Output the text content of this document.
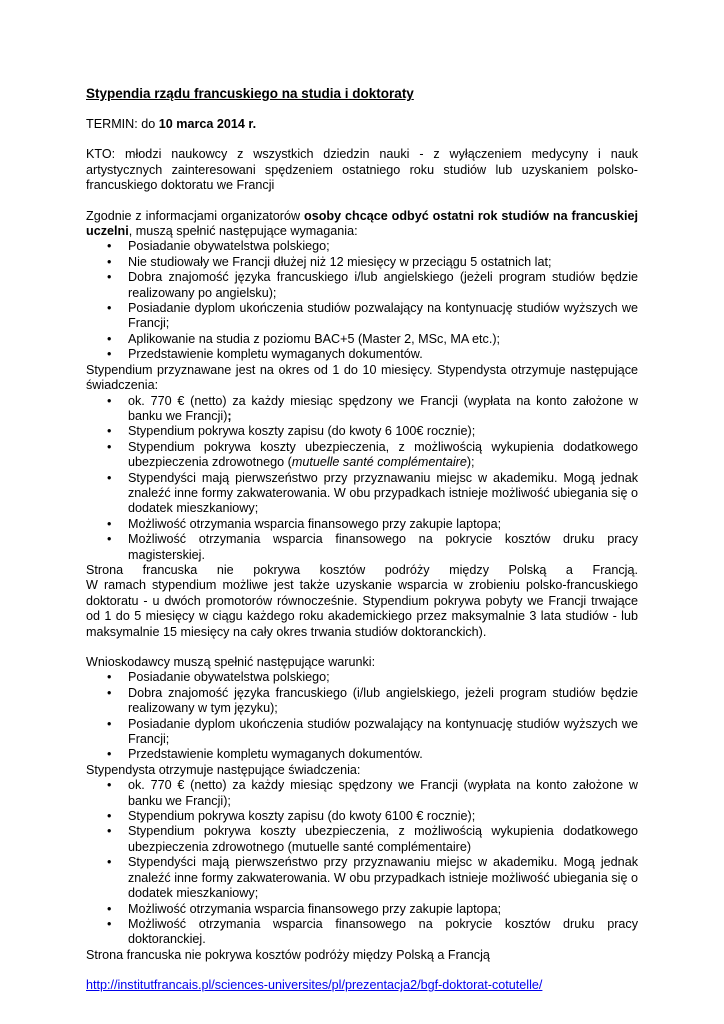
Stypendia rządu francuskiego na studia i doktoraty

TERMIN: do 10 marca 2014 r.

KTO: młodzi naukowcy z wszystkich dziedzin nauki - z wyłączeniem medycyny i nauk artystycznych zainteresowani spędzeniem ostatniego roku studiów lub uzyskaniem polsko-francuskiego doktoratu we Francji

Zgodnie z informacjami organizatorów osoby chcące odbyć ostatni rok studiów na francuskiej uczelni, muszą spełnić następujące wymagania:

• Posiadanie obywatelstwa polskiego;
• Nie studiowały we Francji dłużej niż 12 miesięcy w przeciągu 5 ostatnich lat;
• Dobra znajomość języka francuskiego i/lub angielskiego (jeżeli program studiów będzie realizowany po angielsku);
• Posiadanie dyplom ukończenia studiów pozwalający na kontynuację studiów wyższych we Francji;
• Aplikowanie na studia z poziomu BAC+5 (Master 2, MSc, MA etc.);
• Przedstawienie kompletu wymaganych dokumentów.

Stypendium przyznawane jest na okres od 1 do 10 miesięcy. Stypendysta otrzymuje następujące świadczenia:

• ok. 770 € (netto) za każdy miesiąc spędzony we Francji (wypłata na konto założone w banku we Francji);
• Stypendium pokrywa koszty zapisu (do kwoty 6 100€ rocznie);
• Stypendium pokrywa koszty ubezpieczenia, z możliwością wykupienia dodatkowego ubezpieczenia zdrowotnego (mutuelle santé complémentaire);
• Stypendyści mają pierwszeństwo przy przyznawaniu miejsc w akademiku. Mogą jednak znaleźć inne formy zakwaterowania. W obu przypadkach istnieje możliwość ubiegania się o dodatek mieszkaniowy;
• Możliwość otrzymania wsparcia finansowego przy zakupie laptopa;
• Możliwość otrzymania wsparcia finansowego na pokrycie kosztów druku pracy magisterskiej.

Strona francuska nie pokrywa kosztów podróży między Polską a Francją.

W ramach stypendium możliwe jest także uzyskanie wsparcia w zrobieniu polsko-francuskiego doktoratu - u dwóch promotorów równocześnie. Stypendium pokrywa pobyty we Francji trwające od 1 do 5 miesięcy w ciągu każdego roku akademickiego przez maksymalnie 3 lata studiów - lub maksymalnie 15 miesięcy na cały okres trwania studiów doktoranckich).

Wnioskodawcy muszą spełnić następujące warunki:

• Posiadanie obywatelstwa polskiego;
• Dobra znajomość języka francuskiego (i/lub angielskiego, jeżeli program studiów będzie realizowany w tym języku);
• Posiadanie dyplom ukończenia studiów pozwalający na kontynuację studiów wyższych we Francji;
• Przedstawienie kompletu wymaganych dokumentów.

Stypendysta otrzymuje następujące świadczenia:

• ok. 770 € (netto) za każdy miesiąc spędzony we Francji (wypłata na konto założone w banku we Francji);
• Stypendium pokrywa koszty zapisu (do kwoty 6100 € rocznie);
• Stypendium pokrywa koszty ubezpieczenia, z możliwością wykupienia dodatkowego ubezpieczenia zdrowotnego (mutuelle santé complémentaire)
• Stypendyści mają pierwszeństwo przy przyznawaniu miejsc w akademiku. Mogą jednak znaleźć inne formy zakwaterowania. W obu przypadkach istnieje możliwość ubiegania się o dodatek mieszkaniowy;
• Możliwość otrzymania wsparcia finansowego przy zakupie laptopa;
• Możliwość otrzymania wsparcia finansowego na pokrycie kosztów druku pracy doktoranckiej.

Strona francuska nie pokrywa kosztów podróży między Polską a Francją

http://institutfrancais.pl/sciences-universites/pl/prezentacja2/bgf-doktorat-cotutelle/
